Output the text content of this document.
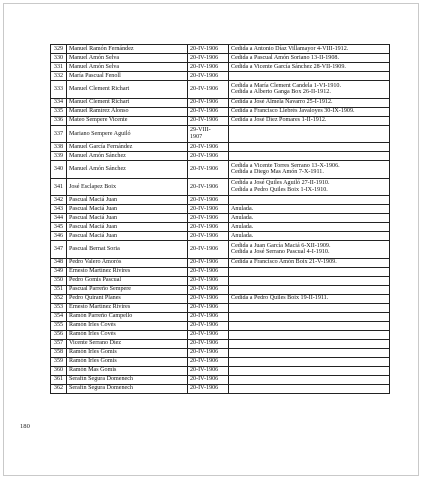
329	Manuel Ramón Fernández	20-IV-1906	Cedida a Antonio Díaz Villamayor 4-VIII-1912.

330	Manuel Amón Selva	20-IV-1906	Cedida a Pascual Amón Soriano 13-II-1908.

331	Manuel Amón Selva	20-IV-1906	Cedida a Vicente García Sánchez 28-VII-1909.

332	María Pascual Fenoll	20-IV-1906	

333	Manuel Clement Richart	20-IV-1906	Cedida a María Clement Candela 1-VI-1910.
Cedida a Alberto Ganga Box 26-II-1912.

334	Manuel Clement Richart	20-IV-1906	Cedida a José Almela Navarro 25-I-1912.

335	Manuel Ramírez Alonso	20-IV-1906	Cedida a Francisco Llebrés Javaloyes 30-IX-1909.

336	Mateo Sempere Vicente	20-IV-1906	Cedida a José Díez Pomares 1-II-1912.

337	Mariano Sempere Aguiló	29-VIII-
1907	

338	Manuel García Fernández	20-IV-1906	

339	Manuel Amón Sánchez	20-IV-1906	

340	Manuel Amón Sánchez	20-IV-1906	Cedida a Vicente Torres Serrano 13-X-1906.
Cedida a Diego Mas Amón 7-X-1911.

341	José Esclapez Boix	20-IV-1906	Cedida a José Quiles Aguiló 27-II-1910.
Cedida a Pedro Quiles Boix 1-IX-1910.

342	Pascual Maciá Juan	20-IV-1906	

343	Pascual Maciá Juan	20-IV-1906	Anulada.

344	Pascual Maciá Juan	20-IV-1906	Anulada.

345	Pascual Maciá Juan	20-IV-1906	Anulada.

346	Pascual Maciá Juan	20-IV-1906	Anulada.

347	Pascual Bernat Soria	20-IV-1906	Cedida a Juan García Maciá 6-XII-1909.
Cedida a José Serrano Pascual 4-I-1910.

348	Pedro Valero Amorós	20-IV-1906	Cedida a Francisco Amón Boix 21-V-1909.

349	Ernesto Martínez Rivires	20-IV-1906	

350	Pedro Gomis Pascual	20-IV-1906	

351	Pascual Parreño Sempere	20-IV-1906	

352	Pedro Quirant Planes	20-IV-1906	Cedida a Pedro Quiles Boix 19-II-1911.

353	Ernesto Martínez Rivires	20-IV-1906	

354	Ramón Parreño Campello	20-IV-1906	

355	Ramón Irles Covés	20-IV-1906	

356	Ramón Irles Covés	20-IV-1906	

357	Vicente Serrano Díez	20-IV-1906	

358	Ramón Irles Gomis	20-IV-1906	

359	Ramón Irles Gomis	20-IV-1906	

360	Ramón Mas Gomis	20-IV-1906	

361	Serafín Segura Domenech	20-IV-1906	

362	Serafín Segura Domenech	20-IV-1906	
180
